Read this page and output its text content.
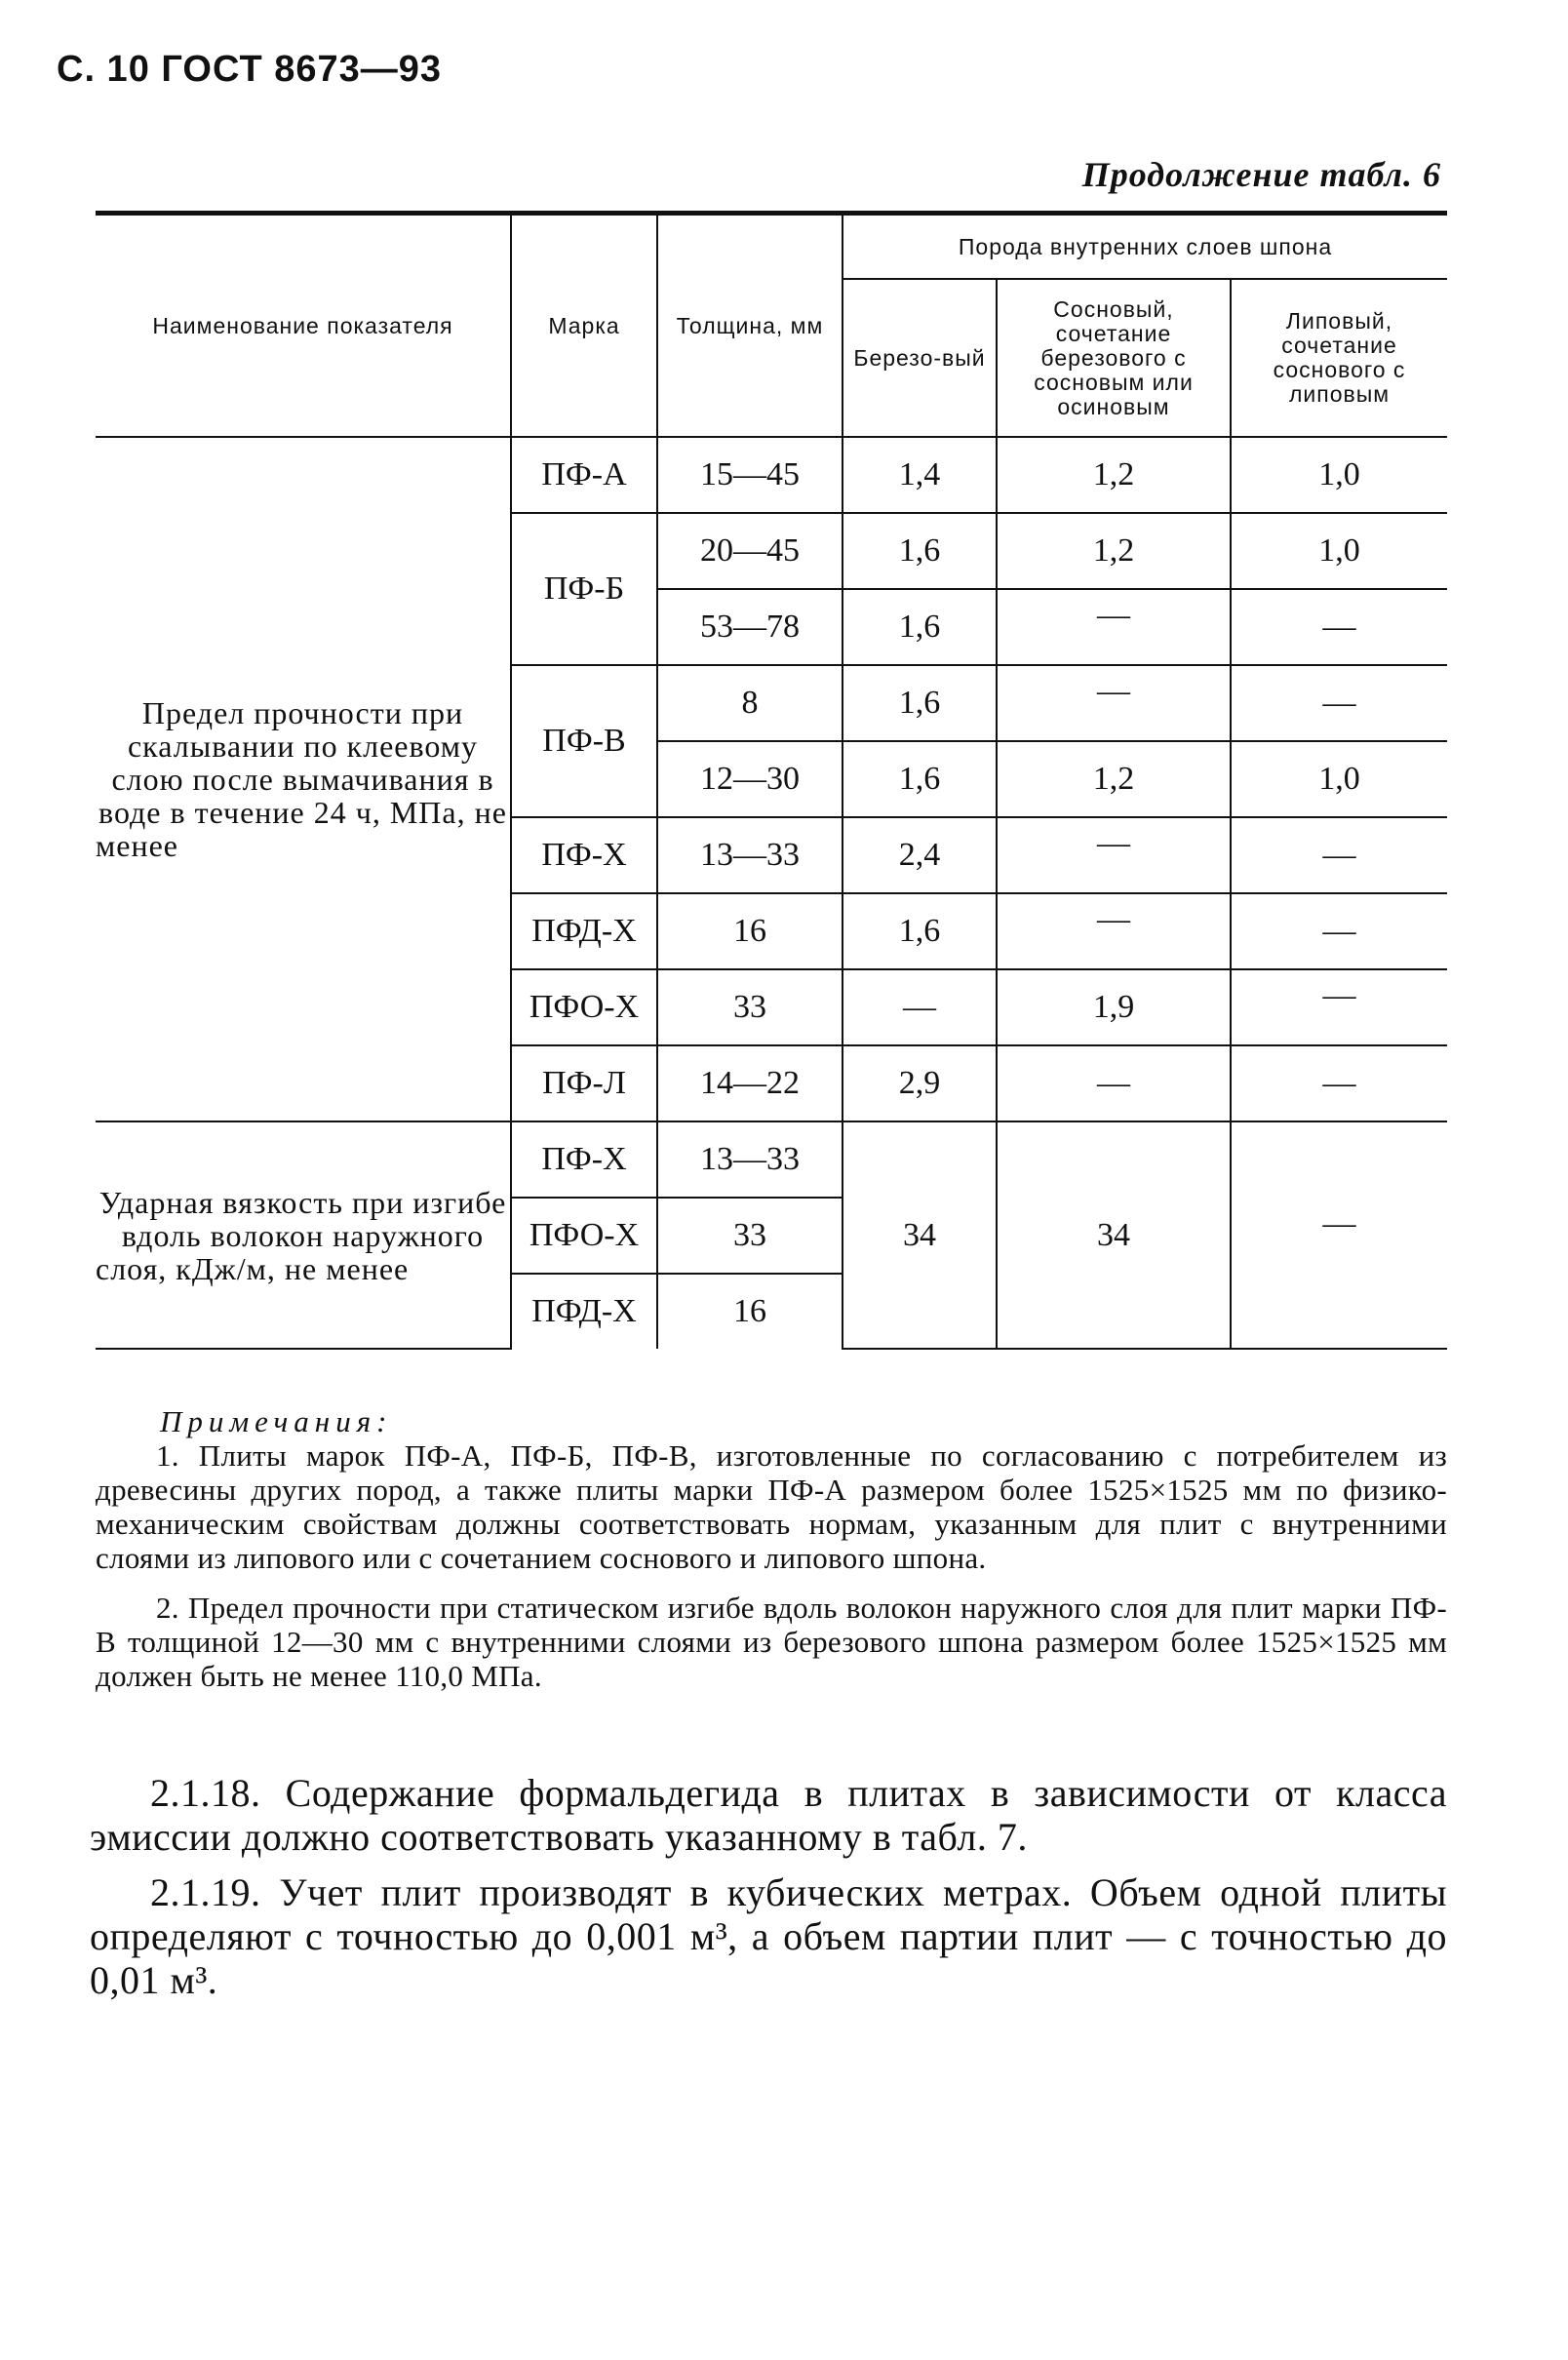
С. 10 ГОСТ 8673—93
Продолжение табл. 6
Наименование показателя	Марка	Толщина, мм	Порода внутренних слоев шпона		
			Березо-вый	Сосновый, сочетание березового с сосновым или осиновым	Липовый, сочетание соснового с липовым
Предел прочности при скалывании по клеевому слою после вымачивания в воде в течение 24 ч, МПа, не менее	ПФ-А	15—45	1,4	1,2	1,0
	ПФ-Б	20—45	1,6	1,2	1,0
		53—78	1,6	—	—
	ПФ-В	8	1,6	—	—
		12—30	1,6	1,2	1,0
	ПФ-Х	13—33	2,4	—	—
	ПФД-Х	16	1,6	—	—
	ПФО-Х	33	—	1,9	—
	ПФ-Л	14—22	2,9	—	—
Ударная вязкость при изгибе вдоль волокон наружного слоя, кДж/м, не менее	ПФ-Х	13—33	34	34	—
	ПФО-Х	33			
	ПФД-Х	16			
Примечания:

1. Плиты марок ПФ-А, ПФ-Б, ПФ-В, изготовленные по согласованию с потребителем из древесины других пород, а также плиты марки ПФ-А размером более 1525×1525 мм по физико-механическим свойствам должны соответствовать нормам, указанным для плит с внутренними слоями из липового или с сочетанием соснового и липового шпона.

2. Предел прочности при статическом изгибе вдоль волокон наружного слоя для плит марки ПФ-В толщиной 12—30 мм с внутренними слоями из березового шпона размером более 1525×1525 мм должен быть не менее 110,0 МПа.

2.1.18. Содержание формальдегида в плитах в зависимости от класса эмиссии должно соответствовать указанному в табл. 7.

2.1.19. Учет плит производят в кубических метрах. Объем одной плиты определяют с точностью до 0,001 м³, а объем партии плит — с точностью до 0,01 м³.
